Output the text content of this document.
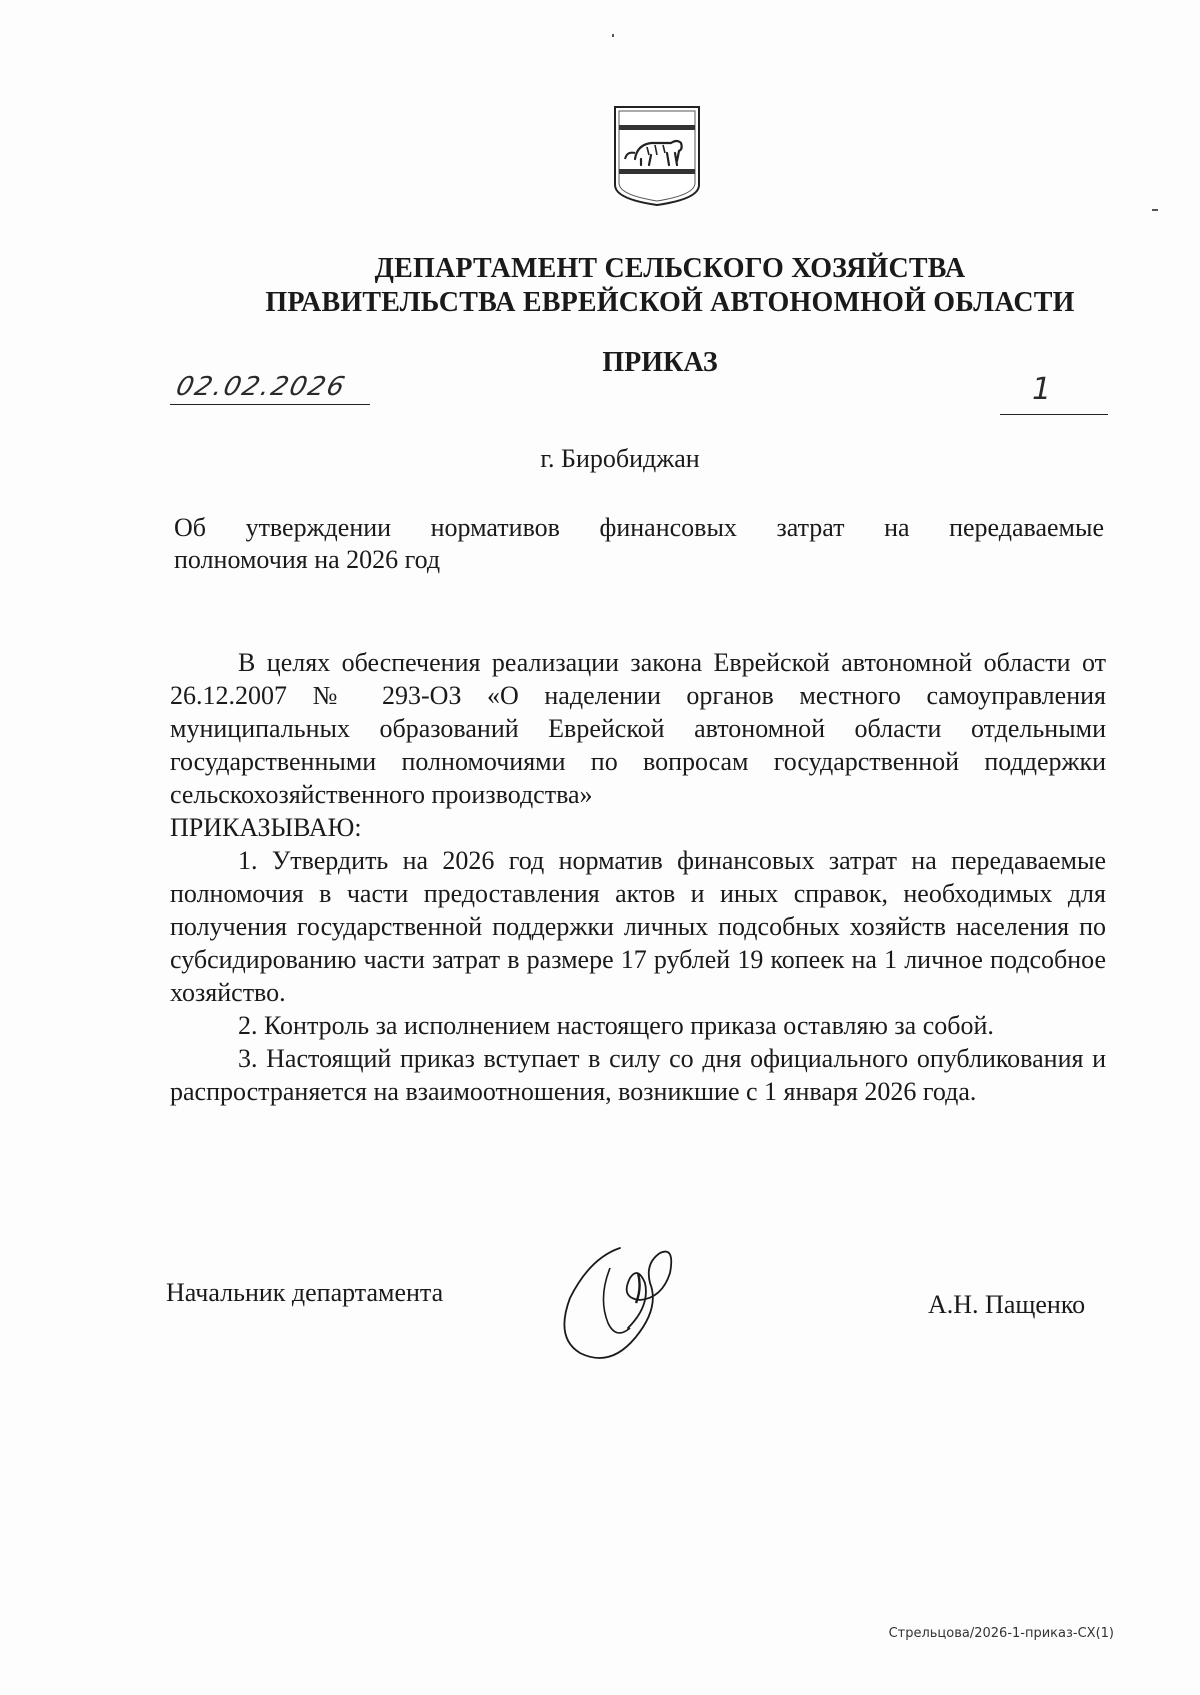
ДЕПАРТАМЕНТ СЕЛЬСКОГО ХОЗЯЙСТВА
ПРАВИТЕЛЬСТВА ЕВРЕЙСКОЙ АВТОНОМНОЙ ОБЛАСТИ
ПРИКАЗ
02.02.2026	1
г. Биробиджан
Об утверждении нормативов финансовых затрат на передаваемые
полномочия на 2026 год

В целях обеспечения реализации закона Еврейской автономной области от 26.12.2007 № 293-ОЗ «О наделении органов местного самоуправления муниципальных образований Еврейской автономной области отдельными государственными полномочиями по вопросам государственной поддержки сельскохозяйственного производства»

ПРИКАЗЫВАЮ:

1. Утвердить на 2026 год норматив финансовых затрат на передаваемые полномочия в части предоставления актов и иных справок, необходимых для получения государственной поддержки личных подсобных хозяйств населения по субсидированию части затрат в размере 17 рублей 19 копеек на 1 личное подсобное хозяйство.

2. Контроль за исполнением настоящего приказа оставляю за собой.

3. Настоящий приказ вступает в силу со дня официального опубликования и распространяется на взаимоотношения, возникшие с 1 января 2026 года.

Начальник департамента	А.Н. Пащенко
Стрельцова/2026-1-приказ-СХ(1)
